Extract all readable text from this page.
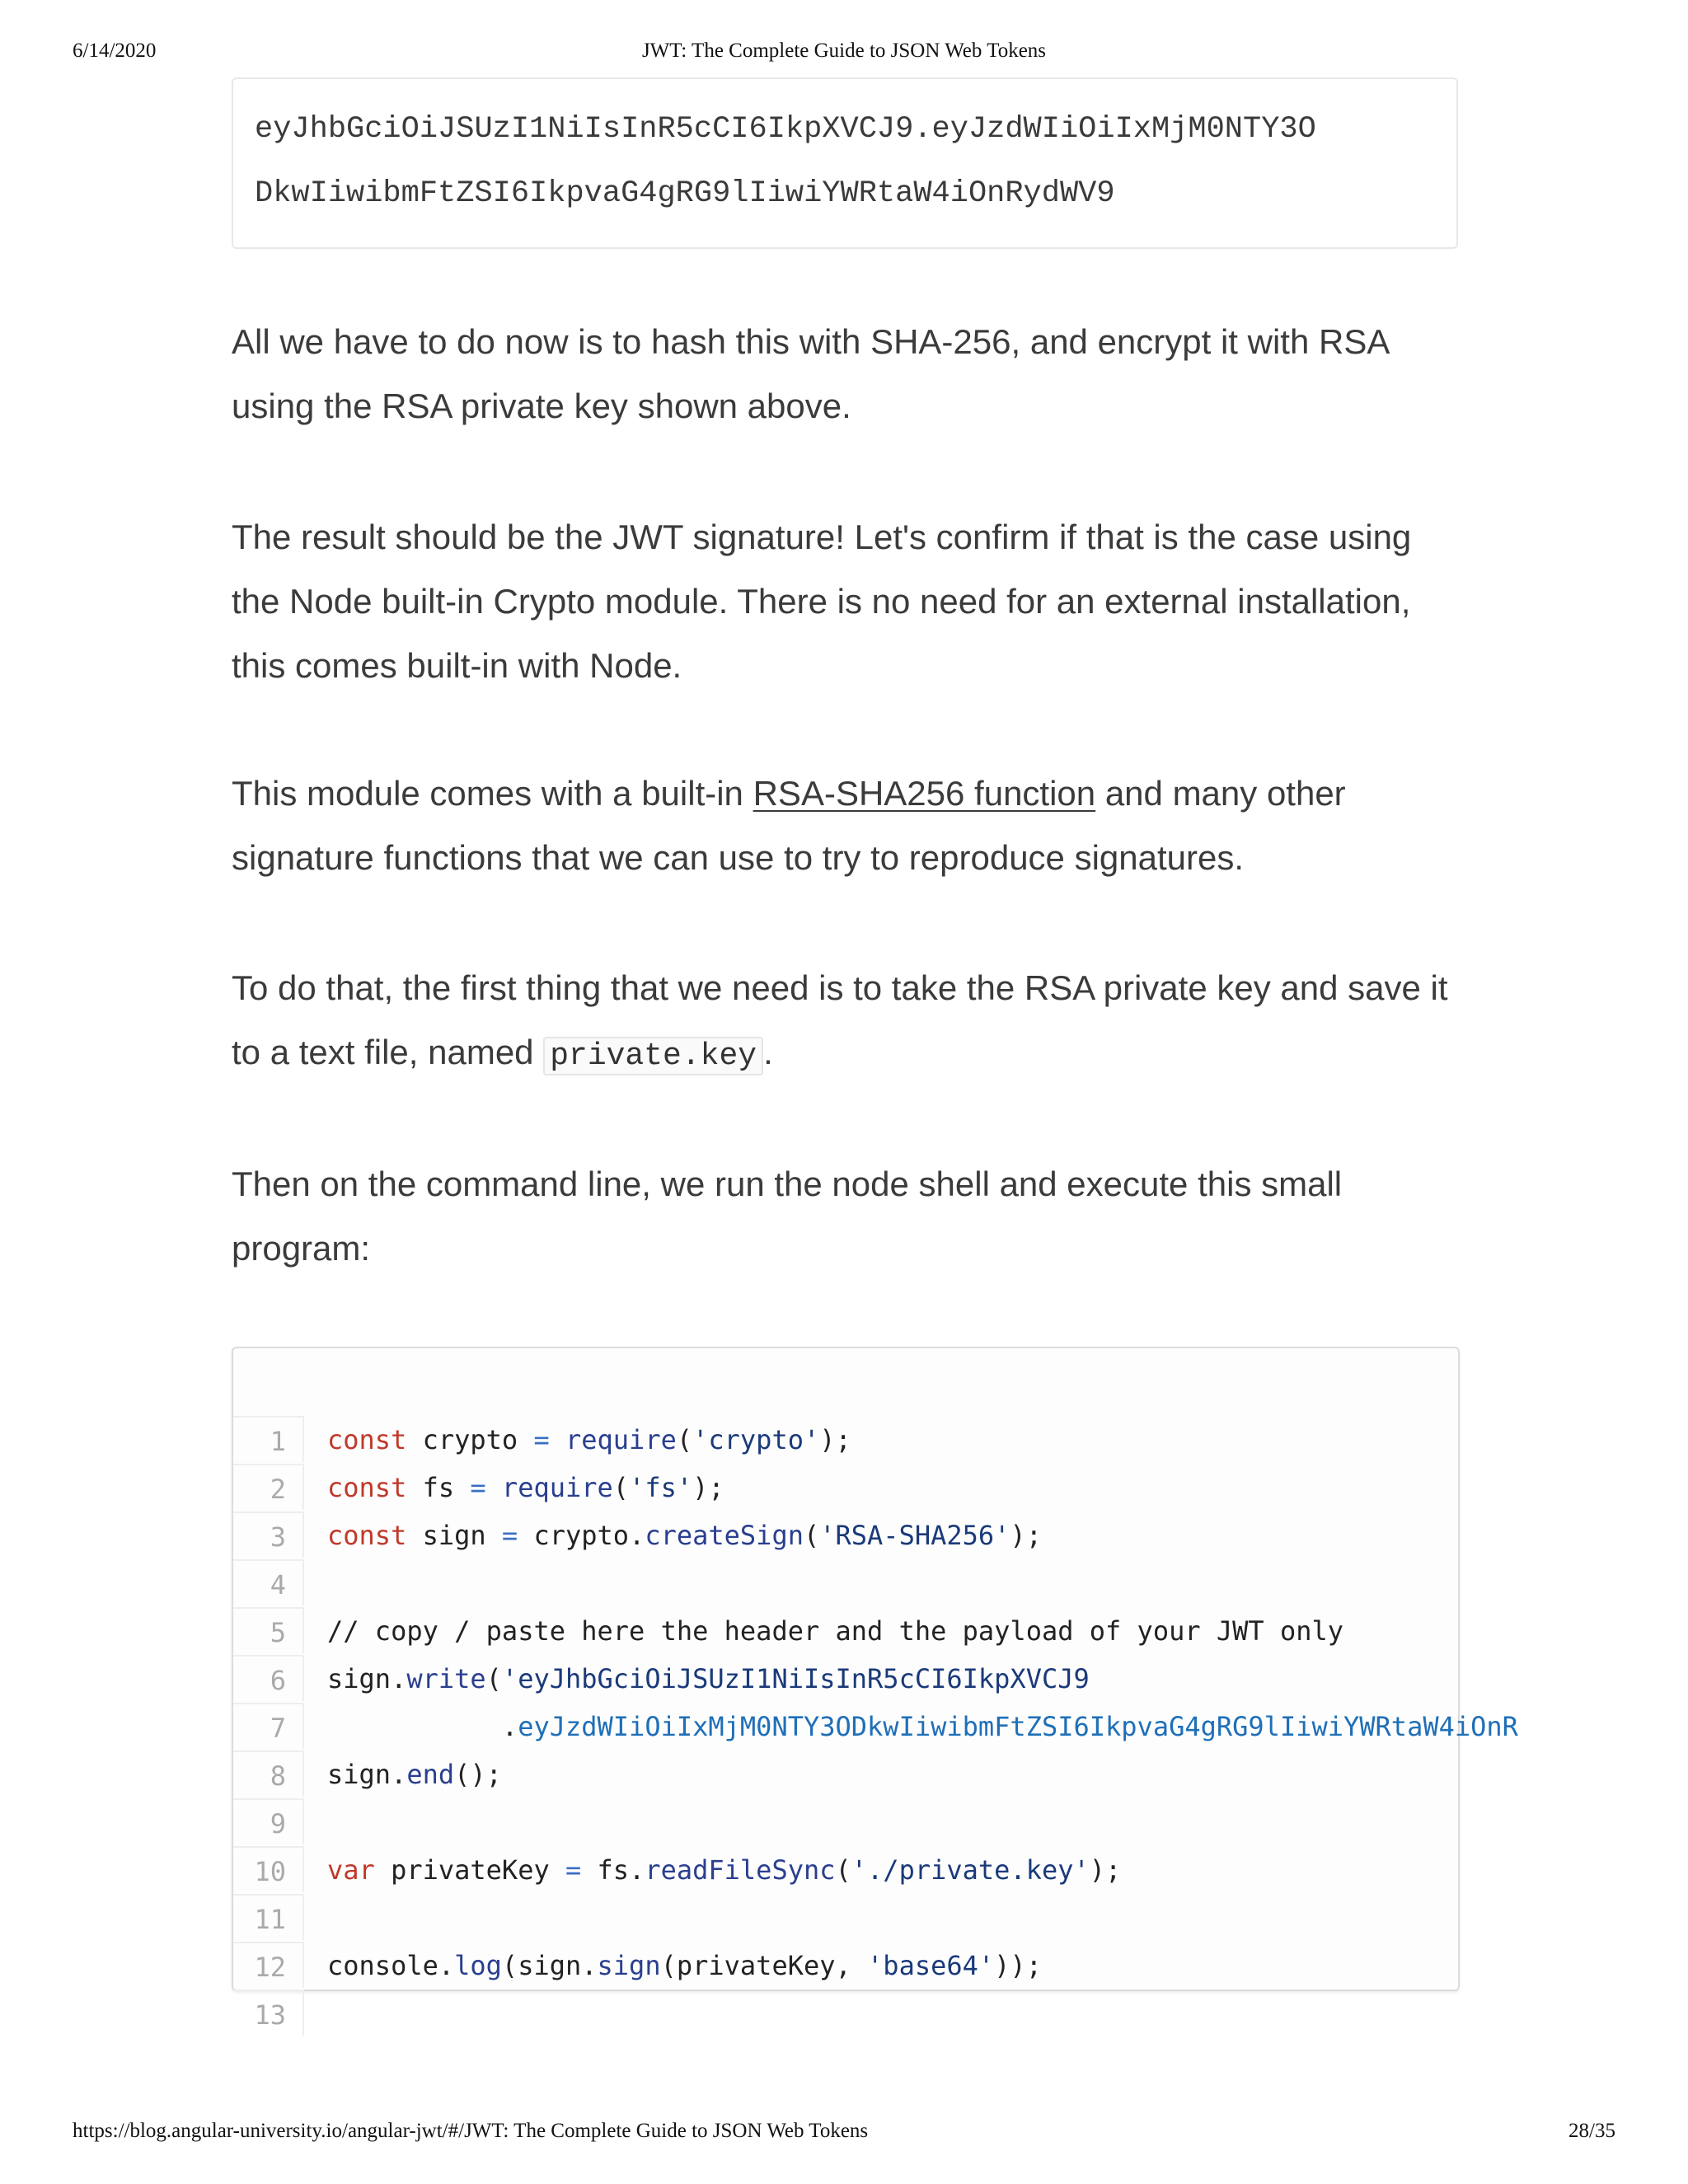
6/14/2020	JWT: The Complete Guide to JSON Web Tokens
eyJhbGciOiJSUzI1NiIsInR5cCI6IkpXVCJ9.eyJzdWIiOiIxMjM0NTY3O
DkwIiwibmFtZSI6IkpvaG4gRG9lIiwiYWRtaW4iOnRydWV9

All we have to do now is to hash this with SHA-256, and encrypt it with RSA using the RSA private key shown above.

The result should be the JWT signature! Let's confirm if that is the case using the Node built-in Crypto module. There is no need for an external installation, this comes built-in with Node.

This module comes with a built-in RSA-SHA256 function and many other signature functions that we can use to try to reproduce signatures.

To do that, the first thing that we need is to take the RSA private key and save it to a text file, named private.key .

Then on the command line, we run the node shell and execute this small program:

1

2

const crypto = require('crypto');

3

const fs = require('fs');

4

const sign = crypto.createSign('RSA-SHA256');

5

6

// copy / paste here the header and the payload of your JWT only

7

sign.write('eyJhbGciOiJSUzI1NiIsInR5cCI6IkpXVCJ9

8

.eyJzdWIiOiIxMjM0NTY3ODkwIiwibmFtZSI6IkpvaG4gRG9lIiwiYWRtaW4iOnR

9

sign.end();

10

11

var privateKey = fs.readFileSync('./private.key');

12

13

console.log(sign.sign(privateKey, 'base64'));

https://blog.angular-university.io/angular-jwt/#/JWT: The Complete Guide to JSON Web Tokens	28/35
